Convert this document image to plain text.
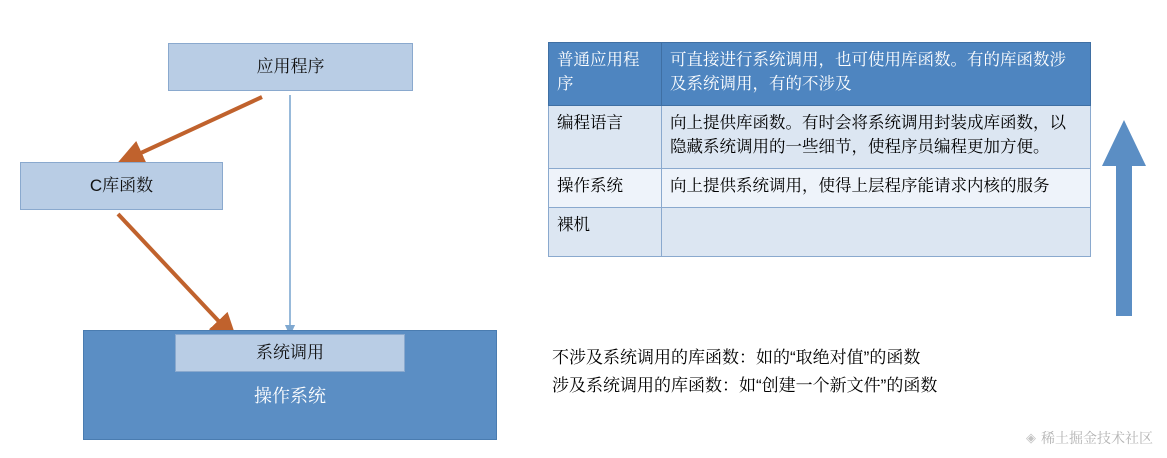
应用程序
C库函数
系统调用
操作系统
普通应用程序	可直接进行系统调用，也可使用库函数。有的库函数涉及系统调用，有的不涉及
编程语言	向上提供库函数。有时会将系统调用封装成库函数，以隐藏系统调用的一些细节，使程序员编程更加方便。
操作系统	向上提供系统调用，使得上层程序能请求内核的服务
裸机	
不涉及系统调用的库函数：如的“取绝对值”的函数
涉及系统调用的库函数：如“创建一个新文件”的函数
◈ 稀土掘金技术社区
